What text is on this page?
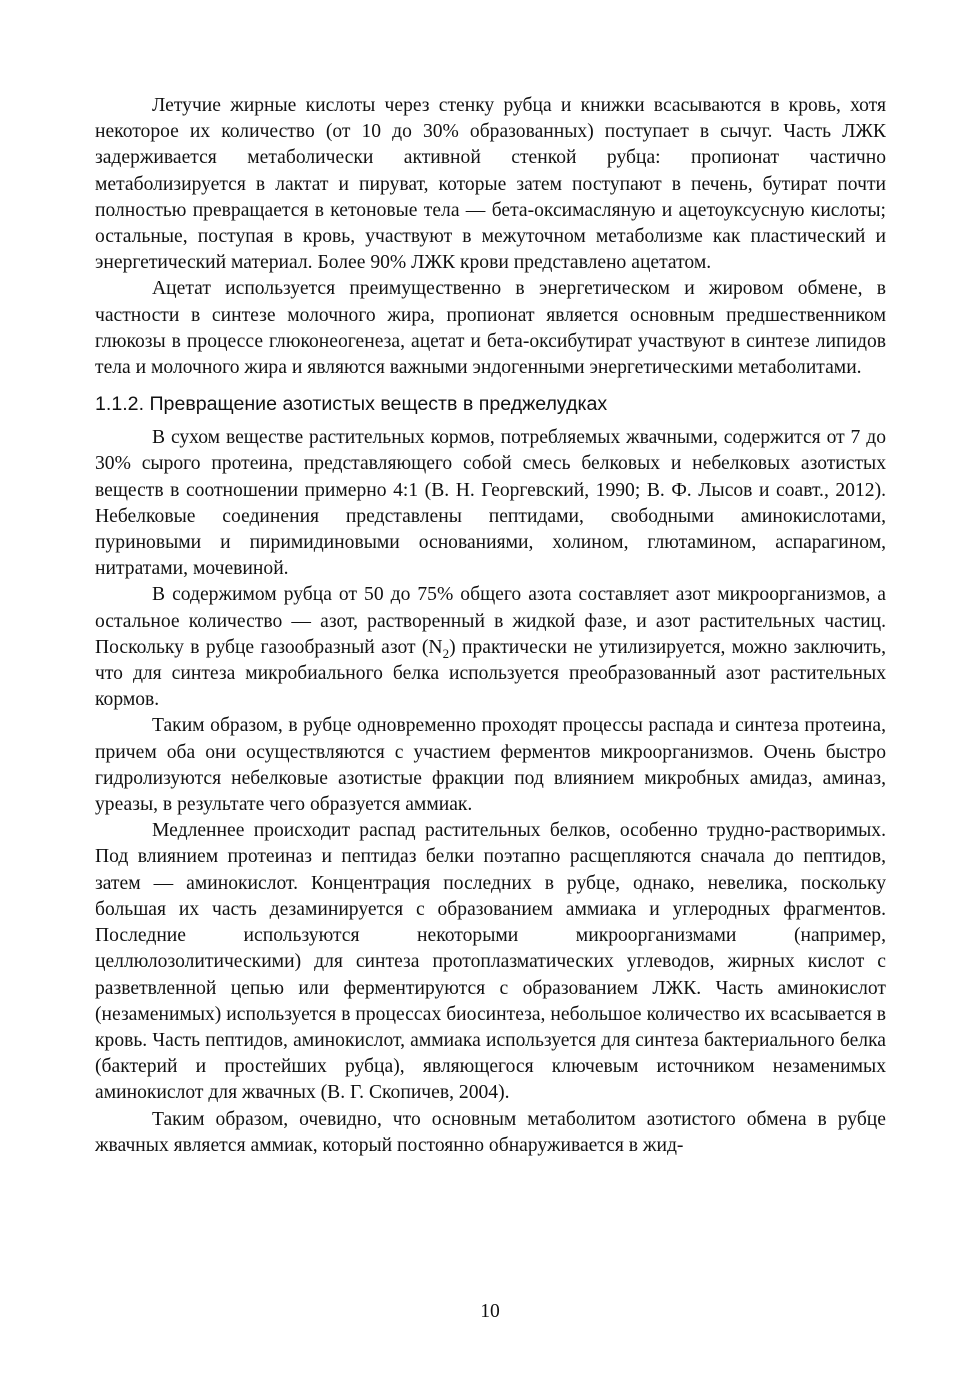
Летучие жирные кислоты через стенку рубца и книжки всасываются в кровь, хотя некоторое их количество (от 10 до 30% образованных) поступает в сычуг. Часть ЛЖК задерживается метаболически активной стенкой рубца: пропионат частично метаболизируется в лактат и пируват, которые затем поступают в печень, бутират почти полностью превращается в кетоновые тела — бета-оксимасляную и ацетоуксусную кислоты; остальные, поступая в кровь, участвуют в межуточном метаболизме как пластический и энергетический материал. Более 90% ЛЖК крови представлено ацетатом.

Ацетат используется преимущественно в энергетическом и жировом обмене, в частности в синтезе молочного жира, пропионат является основным предшественником глюкозы в процессе глюконеогенеза, ацетат и бета-оксибутират участвуют в синтезе липидов тела и молочного жира и являются важными эндогенными энергетическими метаболитами.

1.1.2. Превращение азотистых веществ в преджелудках

В сухом веществе растительных кормов, потребляемых жвачными, содержится от 7 до 30% сырого протеина, представляющего собой смесь белковых и небелковых азотистых веществ в соотношении примерно 4:1 (В. Н. Георгевский, 1990; В. Ф. Лысов и соавт., 2012). Небелковые соединения представлены пептидами, свободными аминокислотами, пуриновыми и пиримидиновыми основаниями, холином, глютамином, аспарагином, нитратами, мочевиной.

В содержимом рубца от 50 до 75% общего азота составляет азот микроорганизмов, а остальное количество — азот, растворенный в жидкой фазе, и азот растительных частиц. Поскольку в рубце газообразный азот $(N_2)$ практически не утилизируется, можно заключить, что для синтеза микробиального белка используется преобразованный азот растительных кормов.

Таким образом, в рубце одновременно проходят процессы распада и синтеза протеина, причем оба они осуществляются с участием ферментов микроорганизмов. Очень быстро гидролизуются небелковые азотистые фракции под влиянием микробных амидаз, аминаз, уреазы, в результате чего образуется аммиак.

Медленнее происходит распад растительных белков, особенно трудно-растворимых. Под влиянием протеиназ и пептидаз белки поэтапно расщепляются сначала до пептидов, затем — аминокислот. Концентрация последних в рубце, однако, невелика, поскольку большая их часть дезаминируется с образованием аммиака и углеродных фрагментов. Последние используются некоторыми микроорганизмами (например, целлюлозолитическими) для синтеза протоплазматических углеводов, жирных кислот с разветвленной цепью или ферментируются с образованием ЛЖК. Часть аминокислот (незаменимых) используется в процессах биосинтеза, небольшое количество их всасывается в кровь. Часть пептидов, аминокислот, аммиака используется для синтеза бактериального белка (бактерий и простейших рубца), являющегося ключевым источником незаменимых аминокислот для жвачных (В. Г. Скопичев, 2004).

Таким образом, очевидно, что основным метаболитом азотистого обмена в рубце жвачных является аммиак, который постоянно обнаруживается в жид-

10
